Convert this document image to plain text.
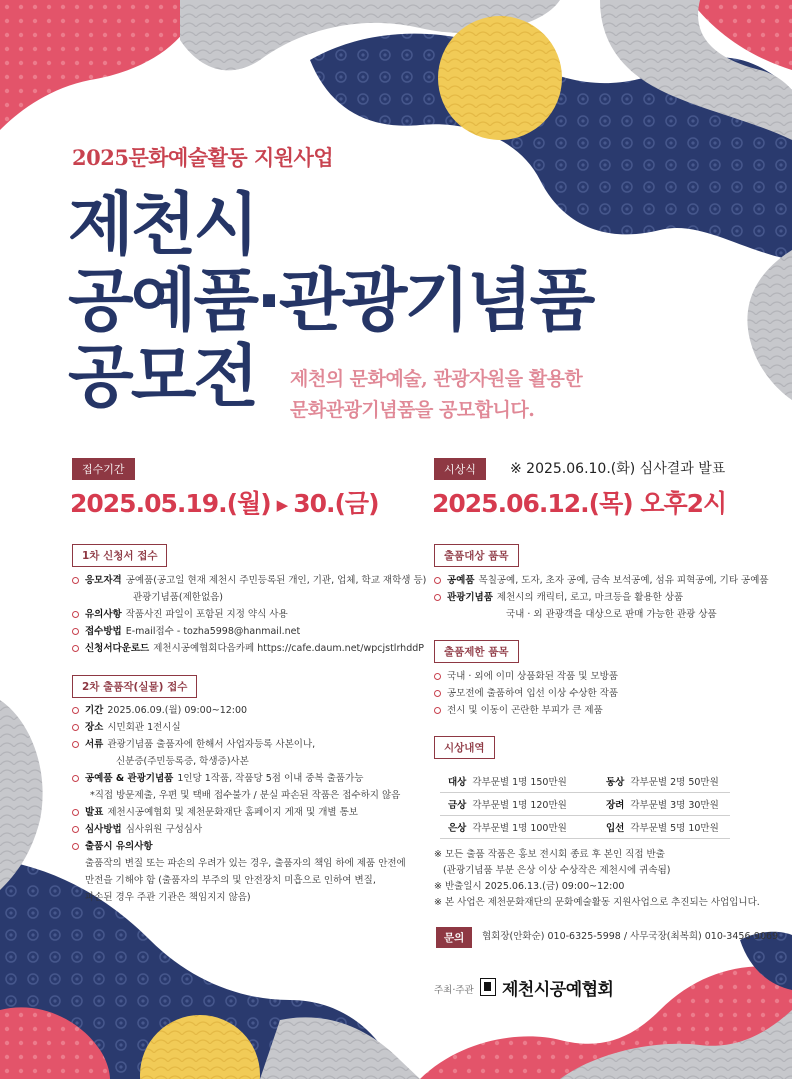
2025문화예술활동 지원사업
제천시
공예품·관광기념품
공모전 제천의 문화예술, 관광자원을 활용한
문화관광기념품을 공모합니다.
접수기간
2025.05.19.(월) ▶ 30.(금)
시상식	※ 2025.06.10.(화) 심사결과 발표
2025.06.12.(목) 오후2시
1차 신청서 접수
응모자격 공예품(공고일 현재 제천시 주민등록된 개인, 기관, 업체, 학교 재학생 등)
관광기념품(제한없음)
유의사항 작품사진 파일이 포함된 지정 약식 사용
접수방법 E-mail접수 - tozha5998@hanmail.net
신청서다운로드 제천시공예협회다음카페 https://cafe.daum.net/wpcjstlrhddP
2차 출품작(실물) 접수
기간 2025.06.09.(월) 09:00~12:00
장소 시민회관 1전시실
서류 관광기념품 출품자에 한해서 사업자등록 사본이나,
신분증(주민등록증, 학생증)사본
공예품 & 관광기념품 1인당 1작품, 작품당 5점 이내 중복 출품가능
*직접 방문제출, 우편 및 택배 접수불가 / 분실 파손된 작품은 접수하지 않음
발표 제천시공예협회 및 제천문화재단 홈페이지 게재 및 개별 통보
심사방법 심사위원 구성심사
출품시 유의사항
출품작의 변질 또는 파손의 우려가 있는 경우, 출품자의 책임 하에 제품 안전에
만전을 기해야 함 (출품자의 부주의 및 안전장치 미흡으로 인하여 변질,
파손된 경우 주관 기관은 책임지지 않음)
출품대상 품목
공예품 목칠공예, 도자, 초자 공예, 금속 보석공예, 섬유 피혁공예, 기타 공예품
관광기념품 제천시의 캐릭터, 로고, 마크등을 활용한 상품
국내 · 외 관광객을 대상으로 판매 가능한 관광 상품
출품제한 품목
국내 · 외에 이미 상품화된 작품 및 모방품
공모전에 출품하여 입선 이상 수상한 작품
전시 및 이동이 곤란한 부피가 큰 제품
시상내역
대상 각부문별 1명 150만원	동상 각부문별 2명 50만원
금상 각부문별 1명 120만원	장려 각부문별 3명 30만원
은상 각부문별 1명 100만원	입선 각부문별 5명 10만원
※ 모든 출품 작품은 홍보 전시회 종료 후 본인 직접 반출
(관광기념품 부분 은상 이상 수상작은 제천시에 귀속됨)
※ 반출일시 2025.06.13.(금) 09:00~12:00
※ 본 사업은 제천문화재단의 문화예술활동 지원사업으로 추진되는 사업입니다.
문의	협회장(안화순) 010-6325-5998 / 사무국장(최복희) 010-3456-9069
주최·주관 제천시공예협회
